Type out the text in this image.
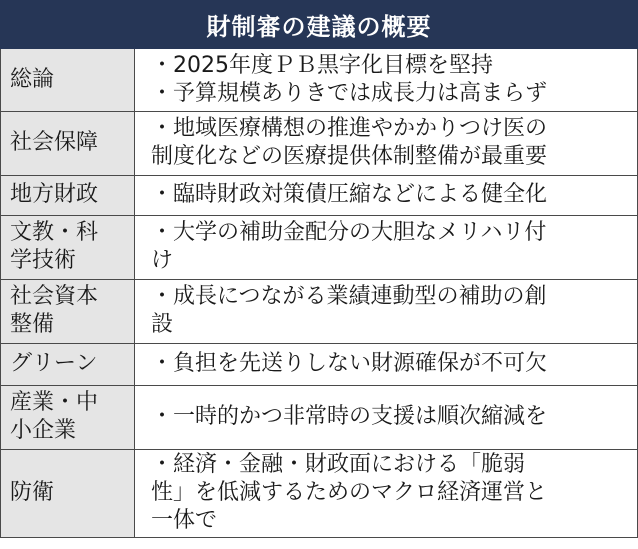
財制審の建議の概要
総論	・2025年度ＰＢ黒字化目標を堅持
・予算規模ありきでは成長力は高まらず

社会保障	・地域医療構想の推進やかかりつけ医の
制度化などの医療提供体制整備が最重要

地方財政	・臨時財政対策債圧縮などによる健全化

文教・科
学技術	・大学の補助金配分の大胆なメリハリ付
け

社会資本
整備	・成長につながる業績連動型の補助の創
設

グリーン	・負担を先送りしない財源確保が不可欠

産業・中
小企業	・一時的かつ非常時の支援は順次縮減を

防衛	・経済・金融・財政面における「脆弱
性」を低減するためのマクロ経済運営と
一体で
